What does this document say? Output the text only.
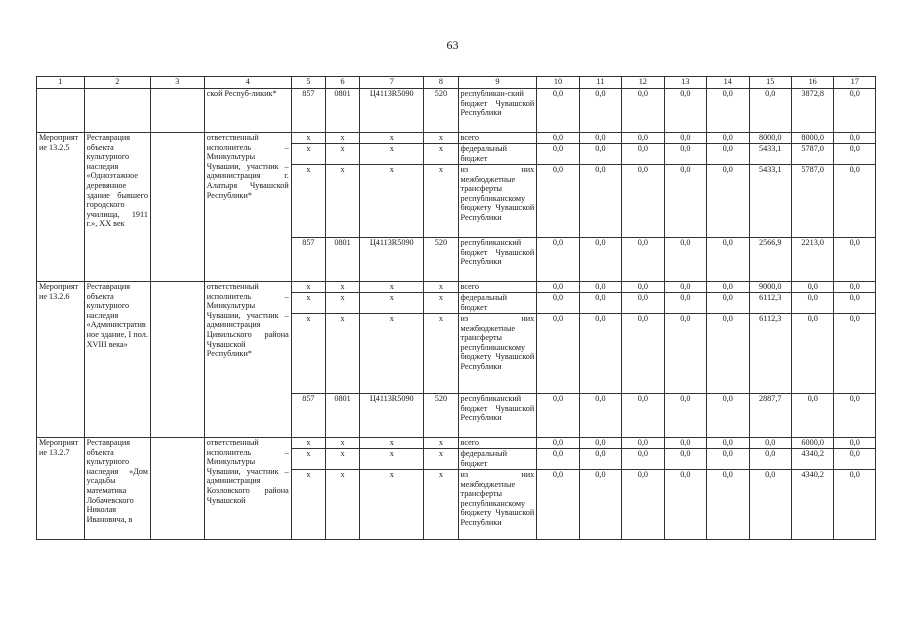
63
1	2	3	4	5	6	7	8	9	10	11	12	13	14	15	16	17
			ской Респуб-ликик*	857	0801	Ц4113R5090	520	республикан-ский бюджет Чувашской Республики	0,0	0,0	0,0	0,0	0,0	0,0	3872,8	0,0
Мероприятие 13.2.5	Реставрация объекта культурного наследия «Одноэтажное деревянное здание бывшего городского училища, 1911 г.», XX век		ответственный исполнитель – Минкультуры Чувашии, участник – администрация г. Алатыря Чувашской Республики*	x	x	x	x	всего	0,0	0,0	0,0	0,0	0,0	8000,0	8000,0	0,0
				x	x	x	x	федеральный бюджет	0,0	0,0	0,0	0,0	0,0	5433,1	5787,0	0,0
				x	x	x	x	из них межбюджетные трансферты республиканскому бюджету Чувашской Республики	0,0	0,0	0,0	0,0	0,0	5433,1	5787,0	0,0
				857	0801	Ц4113R5090	520	республиканский бюджет Чувашской Республики	0,0	0,0	0,0	0,0	0,0	2566,9	2213,0	0,0
Мероприятие 13.2.6	Реставрация объекта культурного наследия «Административное здание, I пол. XVIII века»		ответственный исполнитель – Минкультуры Чувашии, участник – администрация Цивильского района Чувашской Республики*	x	x	x	x	всего	0,0	0,0	0,0	0,0	0,0	9000,0	0,0	0,0
				x	x	x	x	федеральный бюджет	0,0	0,0	0,0	0,0	0,0	6112,3	0,0	0,0
				x	x	x	x	из них межбюджетные трансферты республиканскому бюджету Чувашской Республики	0,0	0,0	0,0	0,0	0,0	6112,3	0,0	0,0
				857	0801	Ц4113R5090	520	республиканский бюджет Чувашской Республики	0,0	0,0	0,0	0,0	0,0	2887,7	0,0	0,0
Мероприятие 13.2.7	Реставрация объекта культурного наследия «Дом усадьбы математика Лобачевского Николая Ивановича, в		ответственный исполнитель – Минкультуры Чувашии, участник – администрация Козловского района Чувашской	x	x	x	x	всего	0,0	0,0	0,0	0,0	0,0	0,0	6000,0	0,0
				x	x	x	x	федеральный бюджет	0,0	0,0	0,0	0,0	0,0	0,0	4340,2	0,0
				x	x	x	x	из них межбюджетные трансферты республиканскому бюджету Чувашской Республики	0,0	0,0	0,0	0,0	0,0	0,0	4340,2	0,0
